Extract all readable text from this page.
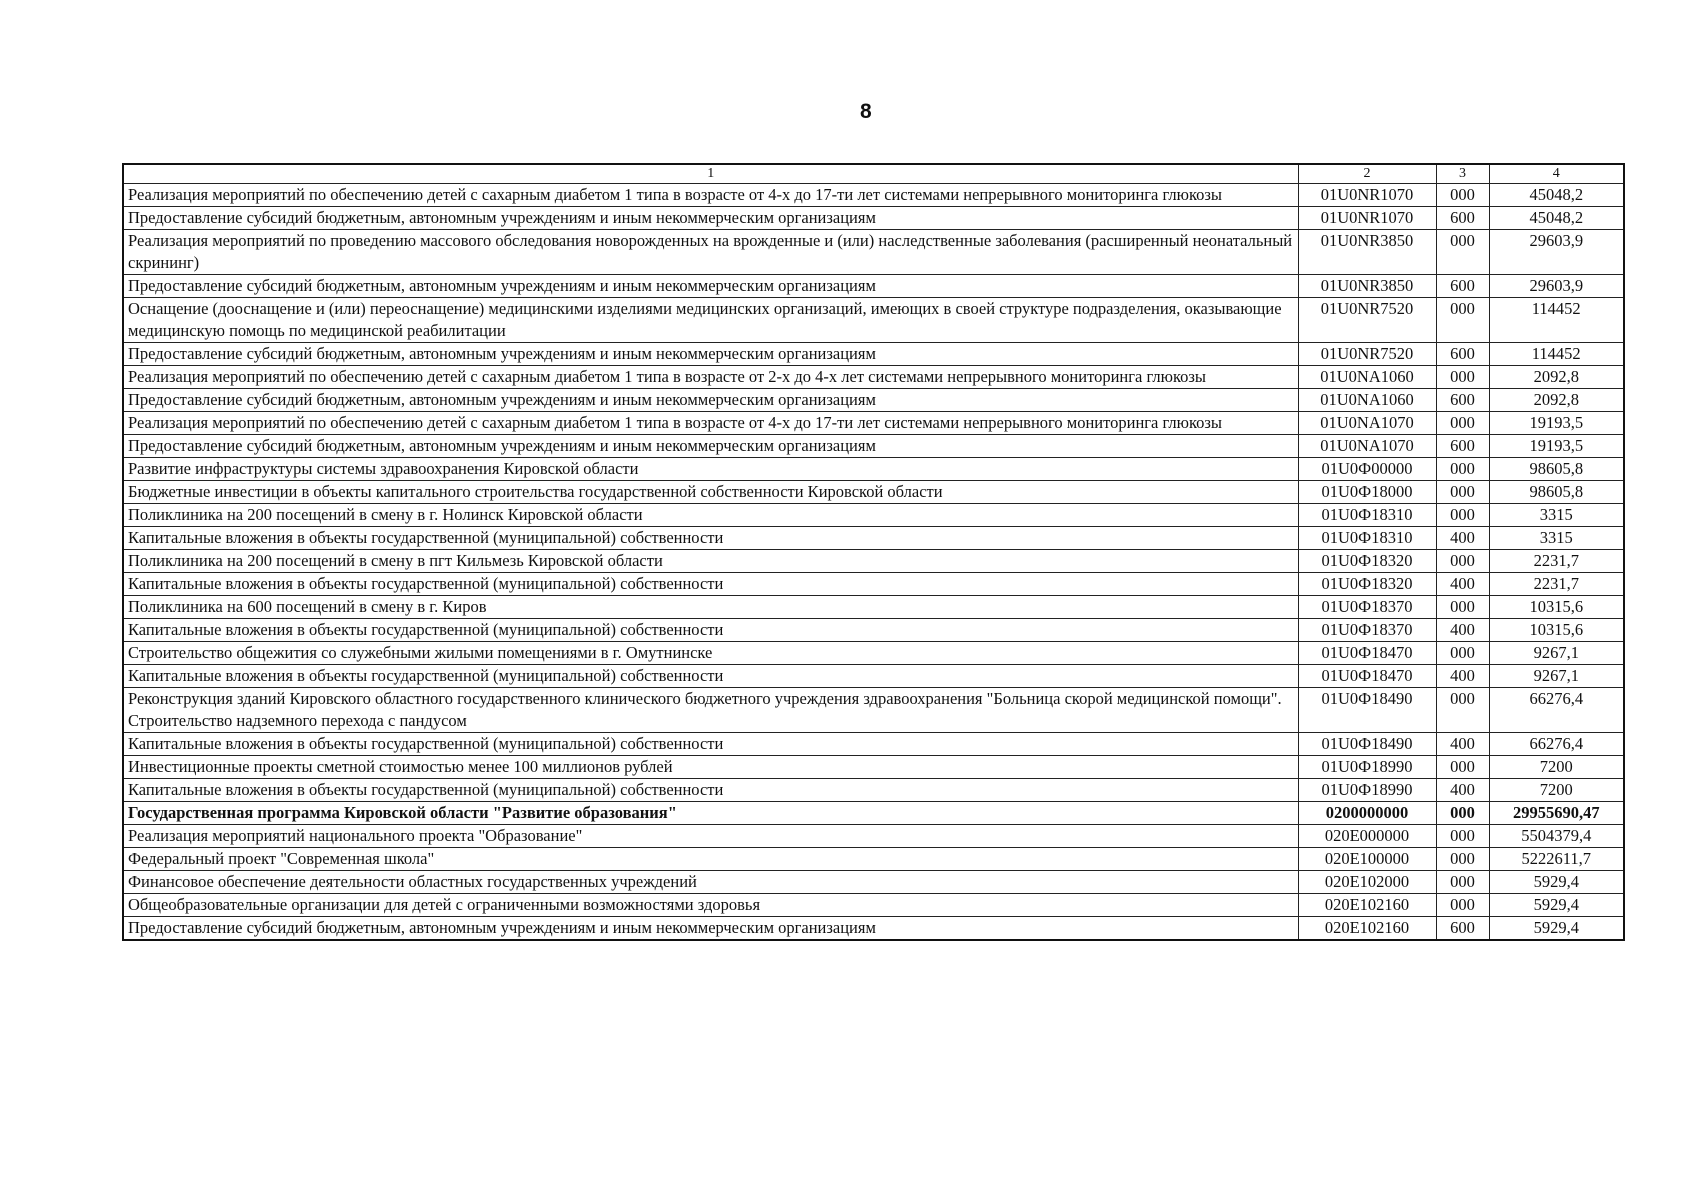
8
1	2	3	4
Реализация мероприятий по обеспечению детей с сахарным диабетом 1 типа в возрасте от 4-х до 17-ти лет системами непрерывного мониторинга глюкозы	01U0NR1070	000	45048,2
Предоставление субсидий бюджетным, автономным учреждениям и иным некоммерческим организациям	01U0NR1070	600	45048,2
Реализация мероприятий по проведению массового обследования новорожденных на врожденные и (или) наследственные заболевания (расширенный неонатальный скрининг)	01U0NR3850	000	29603,9
Предоставление субсидий бюджетным, автономным учреждениям и иным некоммерческим организациям	01U0NR3850	600	29603,9
Оснащение (дооснащение и (или) переоснащение) медицинскими изделиями медицинских организаций, имеющих в своей структуре подразделения, оказывающие медицинскую помощь по медицинской реабилитации	01U0NR7520	000	114452
Предоставление субсидий бюджетным, автономным учреждениям и иным некоммерческим организациям	01U0NR7520	600	114452
Реализация мероприятий по обеспечению детей с сахарным диабетом 1 типа в возрасте от 2-х до 4-х лет системами непрерывного мониторинга глюкозы	01U0NA1060	000	2092,8
Предоставление субсидий бюджетным, автономным учреждениям и иным некоммерческим организациям	01U0NA1060	600	2092,8
Реализация мероприятий по обеспечению детей с сахарным диабетом 1 типа в возрасте от 4-х до 17-ти лет системами непрерывного мониторинга глюкозы	01U0NA1070	000	19193,5
Предоставление субсидий бюджетным, автономным учреждениям и иным некоммерческим организациям	01U0NA1070	600	19193,5
Развитие инфраструктуры системы здравоохранения Кировской области	01U0Ф00000	000	98605,8
Бюджетные инвестиции в объекты капитального строительства государственной собственности Кировской области	01U0Ф18000	000	98605,8
Поликлиника на 200 посещений в смену в г. Нолинск Кировской области	01U0Ф18310	000	3315
Капитальные вложения в объекты государственной (муниципальной) собственности	01U0Ф18310	400	3315
Поликлиника на 200 посещений в смену в пгт Кильмезь Кировской области	01U0Ф18320	000	2231,7
Капитальные вложения в объекты государственной (муниципальной) собственности	01U0Ф18320	400	2231,7
Поликлиника на 600 посещений в смену в г. Киров	01U0Ф18370	000	10315,6
Капитальные вложения в объекты государственной (муниципальной) собственности	01U0Ф18370	400	10315,6
Строительство общежития со служебными жилыми помещениями в г. Омутнинске	01U0Ф18470	000	9267,1
Капитальные вложения в объекты государственной (муниципальной) собственности	01U0Ф18470	400	9267,1
Реконструкция зданий Кировского областного государственного клинического бюджетного учреждения здравоохранения "Больница скорой медицинской помощи". Строительство надземного перехода с пандусом	01U0Ф18490	000	66276,4
Капитальные вложения в объекты государственной (муниципальной) собственности	01U0Ф18490	400	66276,4
Инвестиционные проекты сметной стоимостью менее 100 миллионов рублей	01U0Ф18990	000	7200
Капитальные вложения в объекты государственной (муниципальной) собственности	01U0Ф18990	400	7200
Государственная программа Кировской области "Развитие образования"	0200000000	000	29955690,47
Реализация мероприятий национального проекта "Образование"	020E000000	000	5504379,4
Федеральный проект "Современная школа"	020E100000	000	5222611,7
Финансовое обеспечение деятельности областных государственных учреждений	020E102000	000	5929,4
Общеобразовательные организации для детей с ограниченными возможностями здоровья	020E102160	000	5929,4
Предоставление субсидий бюджетным, автономным учреждениям и иным некоммерческим организациям	020E102160	600	5929,4
